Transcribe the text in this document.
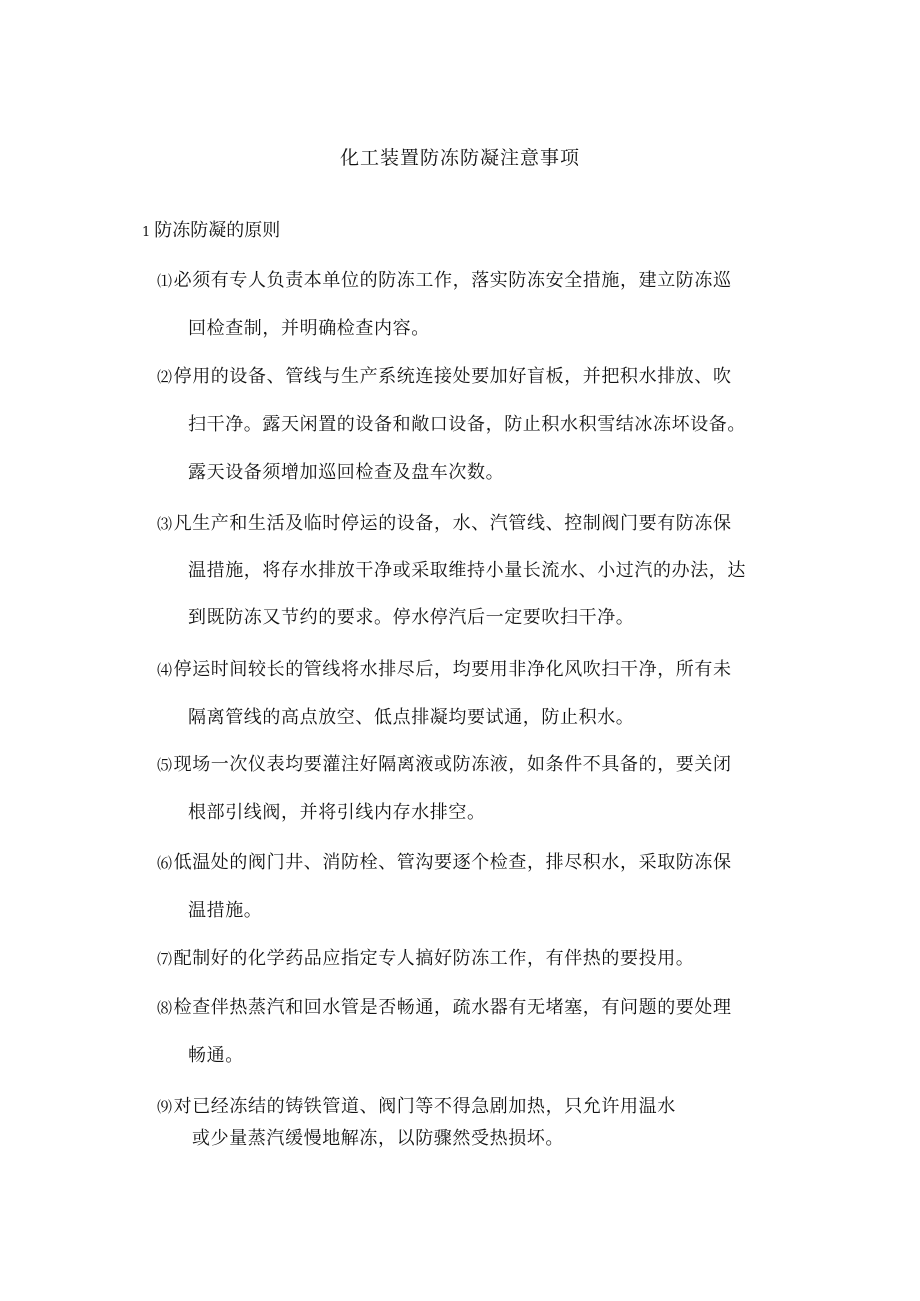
化工装置防冻防凝注意事项
1 防冻防凝的原则
⑴必须有专人负责本单位的防冻工作，落实防冻安全措施，建立防冻巡
回检查制，并明确检查内容。
⑵停用的设备、管线与生产系统连接处要加好盲板，并把积水排放、吹
扫干净。露天闲置的设备和敞口设备，防止积水积雪结冰冻坏设备。
露天设备须增加巡回检查及盘车次数。
⑶凡生产和生活及临时停运的设备，水、汽管线、控制阀门要有防冻保
温措施，将存水排放干净或采取维持小量长流水、小过汽的办法，达
到既防冻又节约的要求。停水停汽后一定要吹扫干净。
⑷停运时间较长的管线将水排尽后，均要用非净化风吹扫干净，所有未
隔离管线的高点放空、低点排凝均要试通，防止积水。
⑸现场一次仪表均要灌注好隔离液或防冻液，如条件不具备的，要关闭
根部引线阀，并将引线内存水排空。
⑹低温处的阀门井、消防栓、管沟要逐个检查，排尽积水，采取防冻保
温措施。
⑺配制好的化学药品应指定专人搞好防冻工作，有伴热的要投用。
⑻检查伴热蒸汽和回水管是否畅通，疏水器有无堵塞，有问题的要处理
畅通。
⑼对已经冻结的铸铁管道、阀门等不得急剧加热，只允许用温水
或少量蒸汽缓慢地解冻，以防骤然受热损坏。
